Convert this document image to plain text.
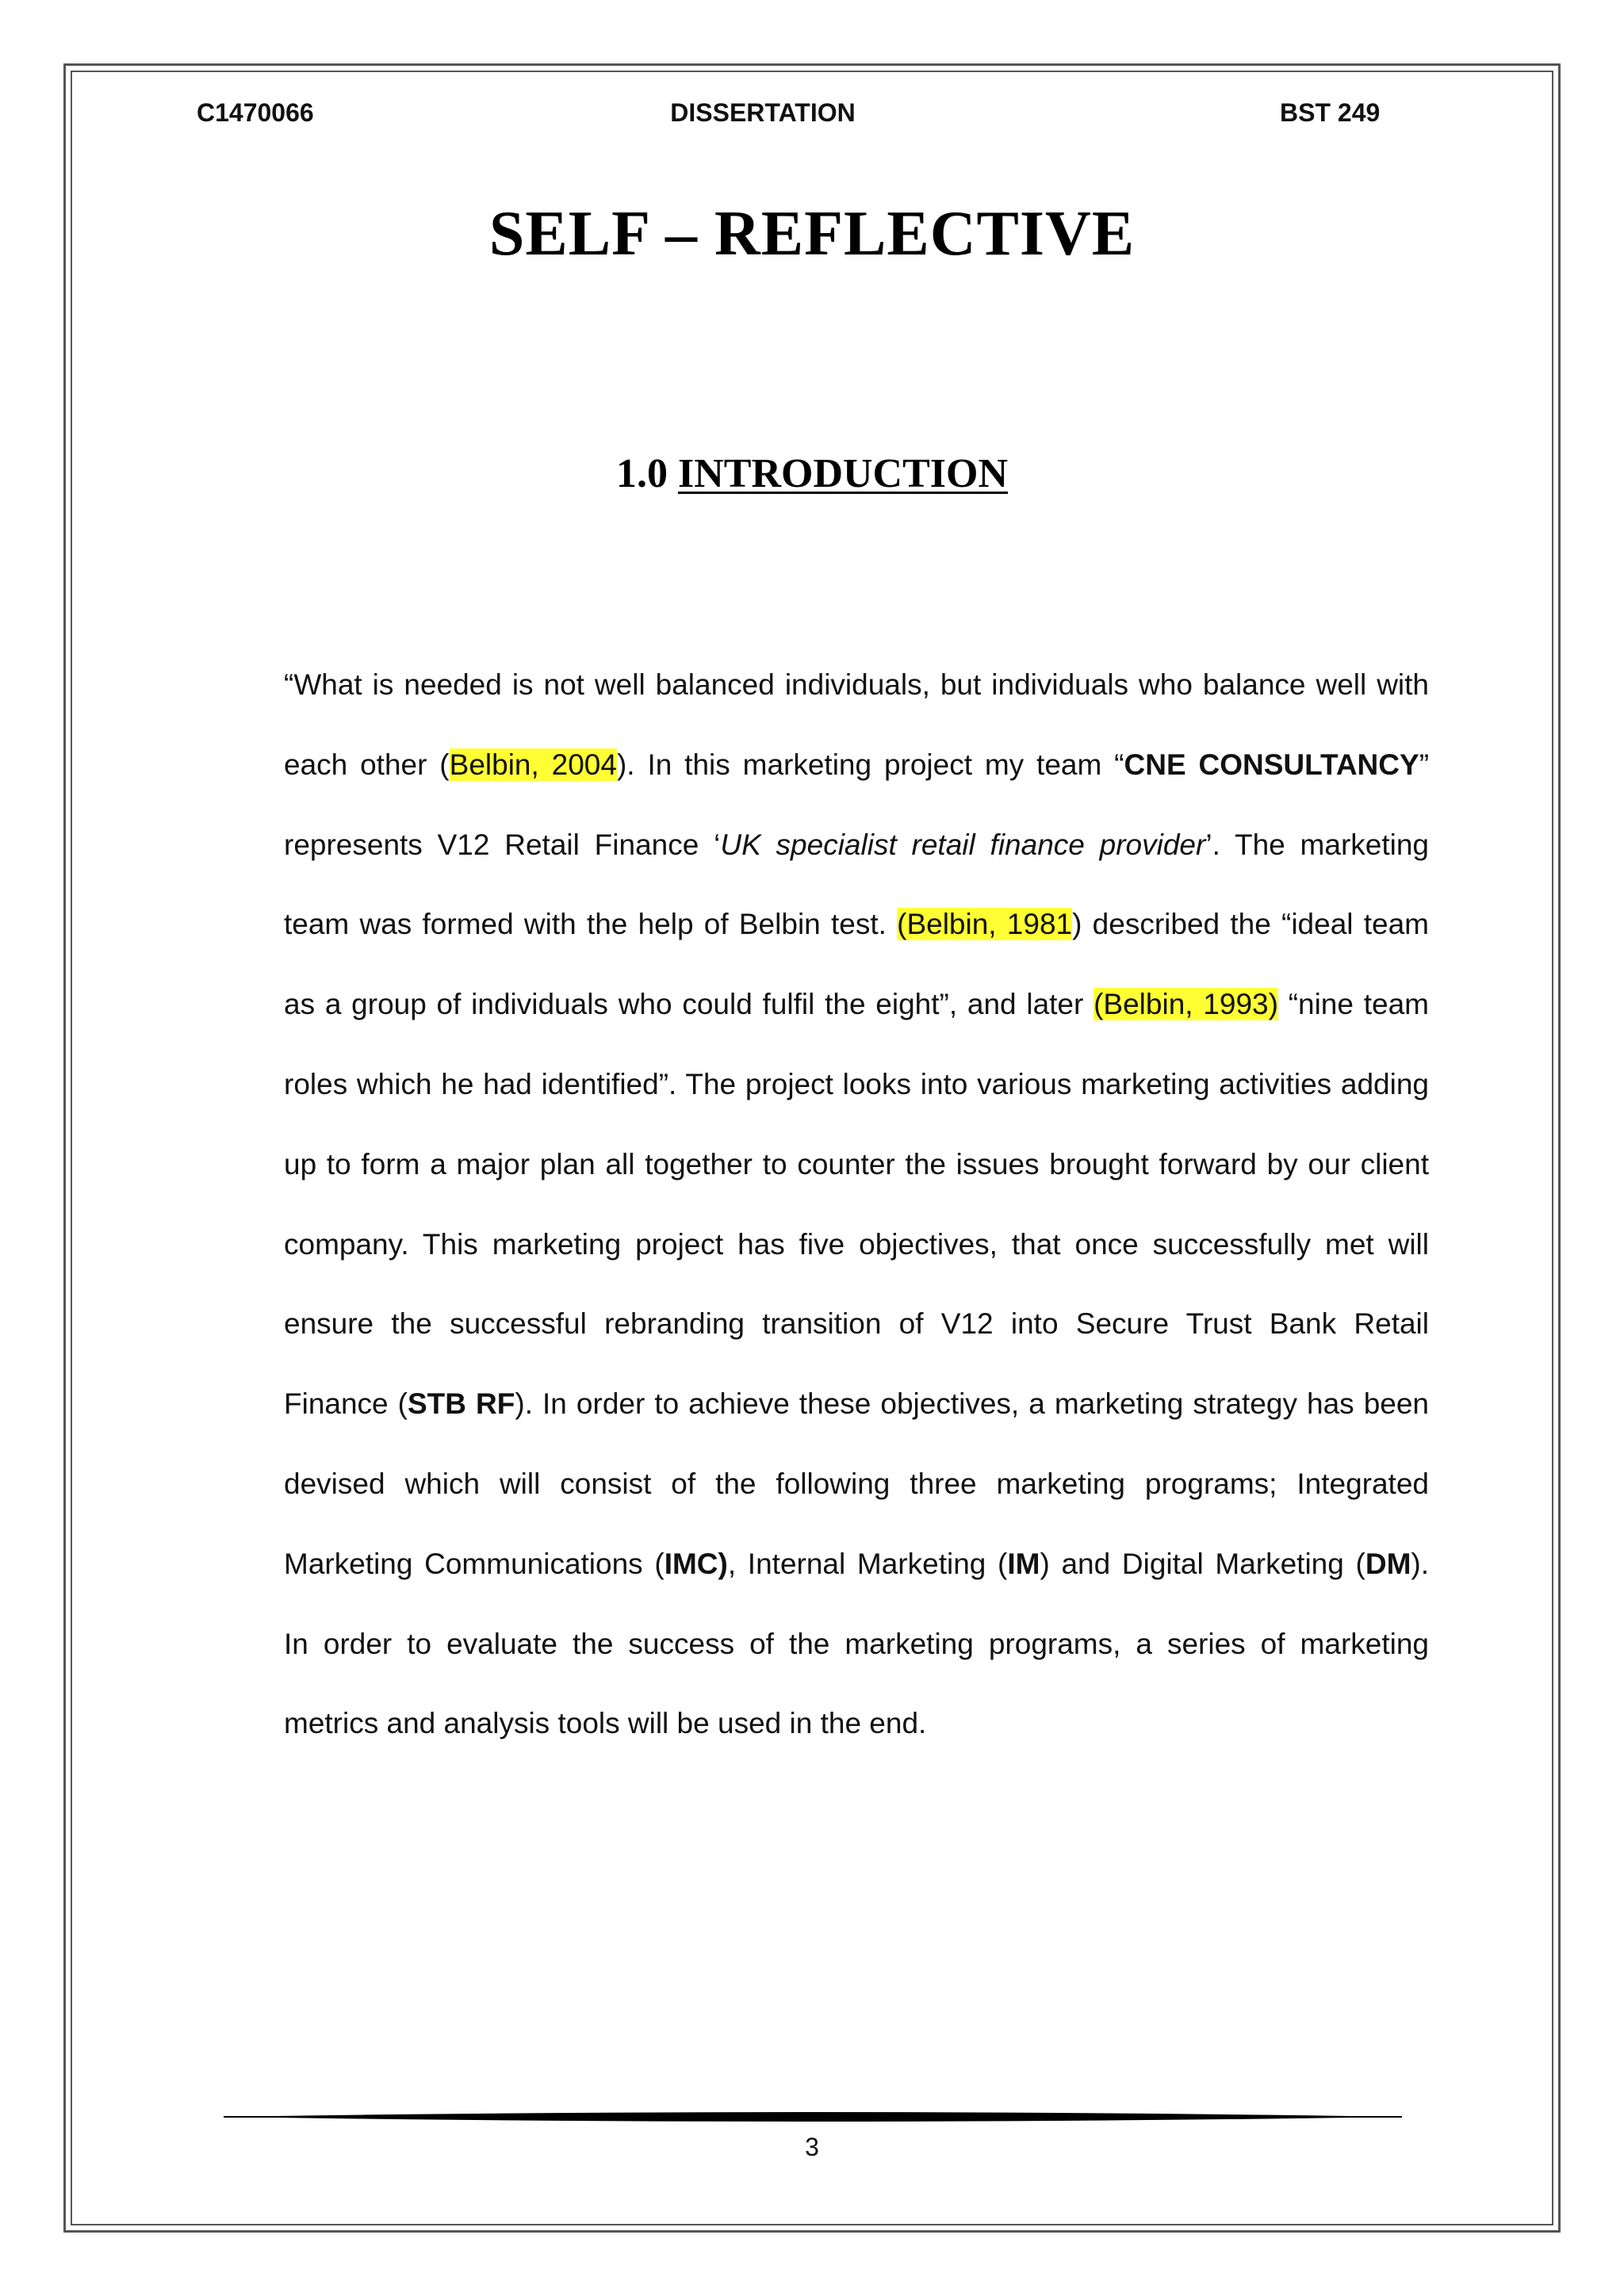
C1470066	DISSERTATION	BST 249
SELF – REFLECTIVE
1.0 INTRODUCTION
“What is needed is not well balanced individuals, but individuals who balance well with each other (Belbin, 2004). In this marketing project my team “CNE CONSULTANCY” represents V12 Retail Finance ‘UK specialist retail finance provider’. The marketing team was formed with the help of Belbin test. (Belbin, 1981) described the “ideal team as a group of individuals who could fulfil the eight”, and later (Belbin, 1993) “nine team roles which he had identified”. The project looks into various marketing activities adding up to form a major plan all together to counter the issues brought forward by our client company. This marketing project has five objectives, that once successfully met will ensure the successful rebranding transition of V12 into Secure Trust Bank Retail Finance (STB RF). In order to achieve these objectives, a marketing strategy has been devised which will consist of the following three marketing programs; Integrated Marketing Communications (IMC), Internal Marketing (IM) and Digital Marketing (DM). In order to evaluate the success of the marketing programs, a series of marketing metrics and analysis tools will be used in the end.
3
